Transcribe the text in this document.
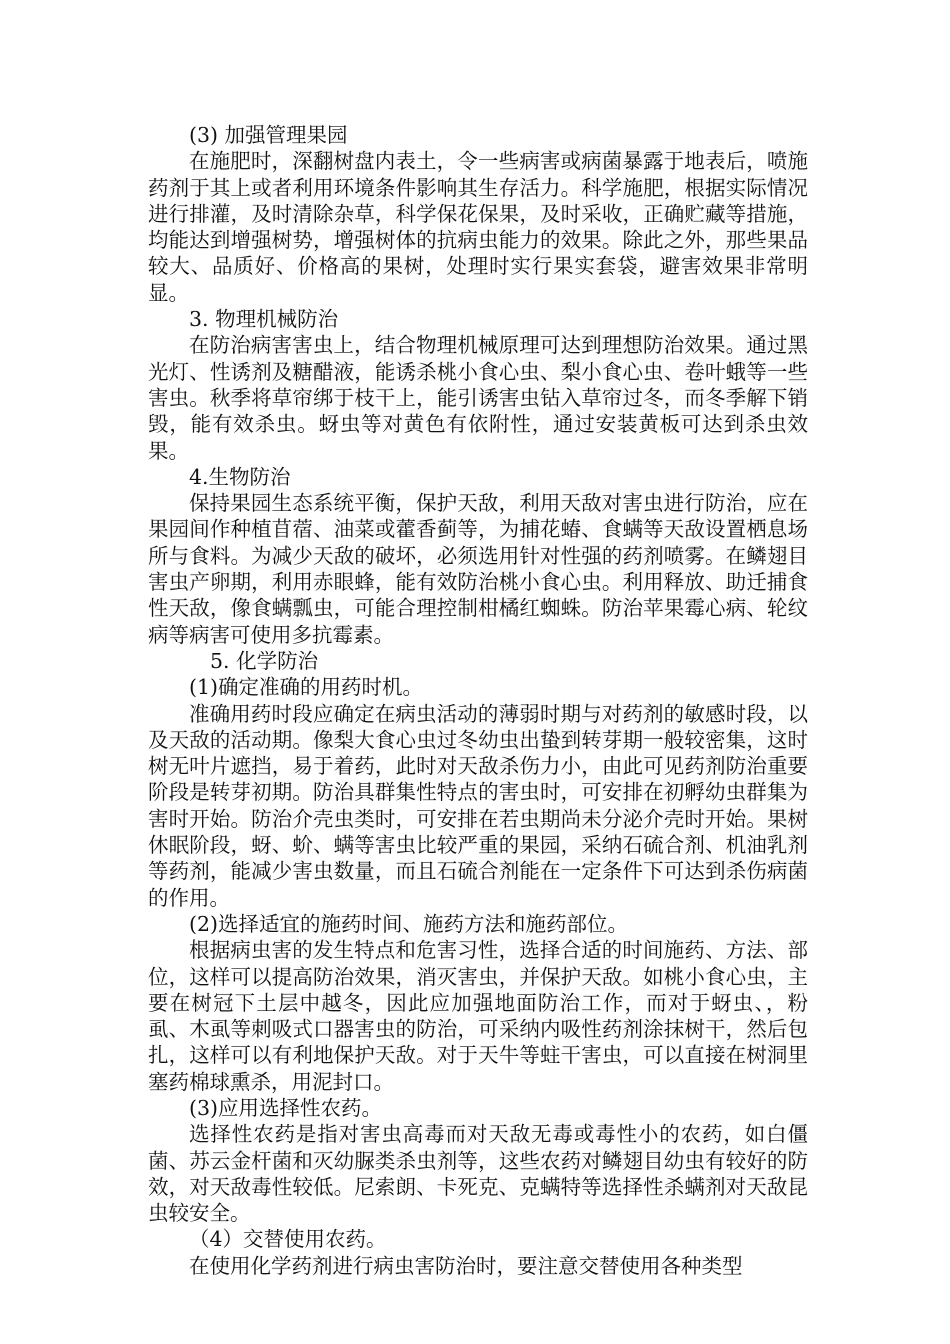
(3) 加强管理果园

在施肥时，深翻树盘内表土，令一些病害或病菌暴露于地表后，喷施药剂于其上或者利用环境条件影响其生存活力。科学施肥，根据实际情况进行排灌，及时清除杂草，科学保花保果，及时采收，正确贮藏等措施，均能达到增强树势，增强树体的抗病虫能力的效果。除此之外，那些果品较大、品质好、价格高的果树，处理时实行果实套袋，避害效果非常明显。

3. 物理机械防治

在防治病害害虫上，结合物理机械原理可达到理想防治效果。通过黑光灯、性诱剂及糖醋液，能诱杀桃小食心虫、梨小食心虫、卷叶蛾等一些害虫。秋季将草帘绑于枝干上，能引诱害虫钻入草帘过冬，而冬季解下销毁，能有效杀虫。蚜虫等对黄色有依附性，通过安装黄板可达到杀虫效果。

4.生物防治

保持果园生态系统平衡，保护天敌，利用天敌对害虫进行防治，应在果园间作种植苜蓿、油菜或藿香蓟等，为捕花蝽、食螨等天敌设置栖息场所与食料。为减少天敌的破坏，必须选用针对性强的药剂喷雾。在鳞翅目害虫产卵期，利用赤眼蜂，能有效防治桃小食心虫。利用释放、助迁捕食性天敌，像食螨瓢虫，可能合理控制柑橘红蜘蛛。防治苹果霉心病、轮纹病等病害可使用多抗霉素。

5. 化学防治

(1)确定准确的用药时机。

准确用药时段应确定在病虫活动的薄弱时期与对药剂的敏感时段，以及天敌的活动期。像梨大食心虫过冬幼虫出蛰到转芽期一般较密集，这时树无叶片遮挡，易于着药，此时对天敌杀伤力小，由此可见药剂防治重要阶段是转芽初期。防治具群集性特点的害虫时，可安排在初孵幼虫群集为害时开始。防治介壳虫类时，可安排在若虫期尚未分泌介壳时开始。果树休眠阶段，蚜、蚧、螨等害虫比较严重的果园，采纳石硫合剂、机油乳剂等药剂，能减少害虫数量，而且石硫合剂能在一定条件下可达到杀伤病菌的作用。

(2)选择适宜的施药时间、施药方法和施药部位。

根据病虫害的发生特点和危害习性，选择合适的时间施药、方法、部位，这样可以提高防治效果，消灭害虫，并保护天敌。如桃小食心虫，主要在树冠下土层中越冬，因此应加强地面防治工作，而对于蚜虫、，粉虱、木虱等刺吸式口器害虫的防治，可采纳内吸性药剂涂抹树干，然后包扎，这样可以有利地保护天敌。对于天牛等蛀干害虫，可以直接在树洞里塞药棉球熏杀，用泥封口。

(3)应用选择性农药。

选择性农药是指对害虫高毒而对天敌无毒或毒性小的农药，如白僵菌、苏云金杆菌和灭幼脲类杀虫剂等，这些农药对鳞翅目幼虫有较好的防效，对天敌毒性较低。尼索朗、卡死克、克螨特等选择性杀螨剂对天敌昆虫较安全。

（4）交替使用农药。

在使用化学药剂进行病虫害防治时，要注意交替使用各种类型
